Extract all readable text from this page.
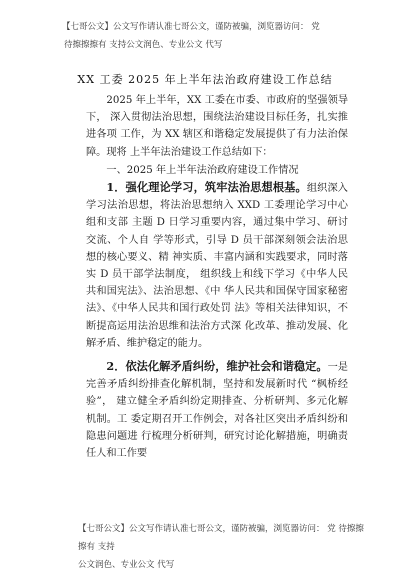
【七哥公文】公文写作请认准七哥公文，谨防被骗，浏览器访问： 党
待擦擦擦有 支持公文润色、专业公文 代写
XX 工委 2025 年上半年法治政府建设工作总结

2025 年上半年，XX 工委在市委、市政府的坚强领导下， 深入贯彻法治思想，围绕法治建设目标任务，扎实推进各项 工作，为 XX 辖区和谐稳定发展提供了有力法治保障。现将 上半年法治建设工作总结如下：

一、2025 年上半年法治政府建设工作情况

1．强化理论学习，筑牢法治思想根基。组织深入学习法治思想，将法治思想纳入 XXD 工委理论学习中心组和支部 主题 D 日学习重要内容，通过集中学习、研讨交流、个人自 学等形式，引导 D 员干部深刻领会法治思想的核心要义、精 神实质、丰富内涵和实践要求，同时落实 D 员干部学法制度， 组织线上和线下学习《中华人民共和国宪法》、法治思想、《中 华人民共和国保守国家秘密法》、《中华人民共和国行政处罚 法》等相关法律知识，不断提高运用法治思维和法治方式深 化改革、推动发展、化解矛盾、维护稳定的能力。

2．依法化解矛盾纠纷，维护社会和谐稳定。一是完善矛盾纠纷排查化解机制，坚持和发展新时代 “枫桥经验”， 建立健全矛盾纠纷定期排查、分析研判、多元化解机制。工 委定期召开工作例会，对各社区突出矛盾纠纷和隐患问题进 行梳理分析研判，研究讨论化解措施，明确责任人和工作要

【七哥公文】公文写作请认准七哥公文，谨防被骗，浏览器访问： 党 待擦擦擦有 支持
公文润色、专业公文 代写
